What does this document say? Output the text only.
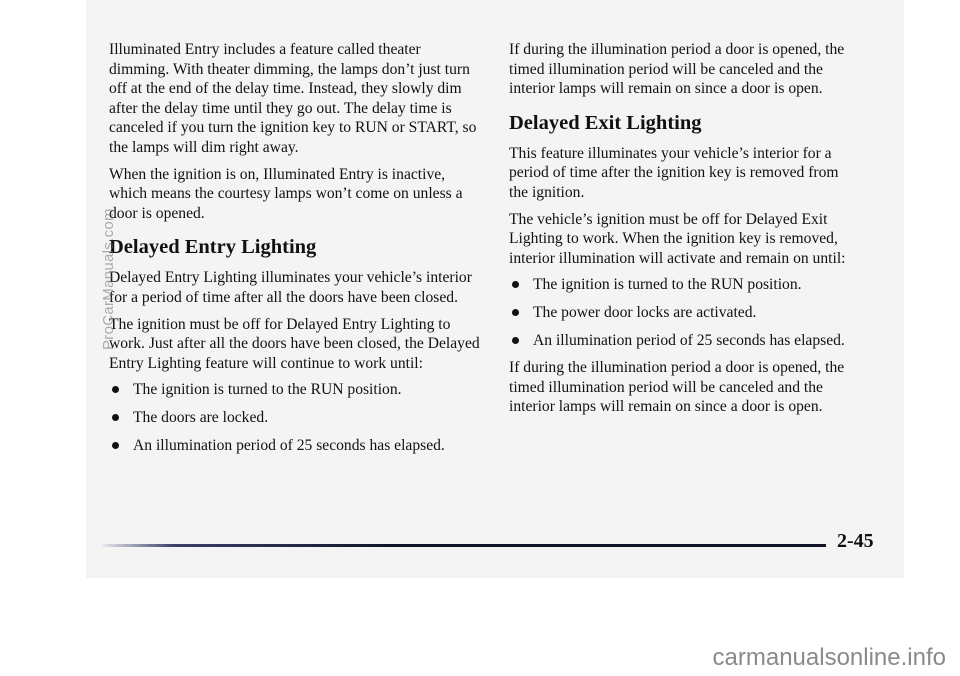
Illuminated Entry includes a feature called theater dimming. With theater dimming, the lamps don’t just turn off at the end of the delay time. Instead, they slowly dim after the delay time until they go out. The delay time is canceled if you turn the ignition key to RUN or START, so the lamps will dim right away.

When the ignition is on, Illuminated Entry is inactive, which means the courtesy lamps won’t come on unless a door is opened.

Delayed Entry Lighting

Delayed Entry Lighting illuminates your vehicle’s interior for a period of time after all the doors have been closed.

The ignition must be off for Delayed Entry Lighting to work. Just after all the doors have been closed, the Delayed Entry Lighting feature will continue to work until:

The ignition is turned to the RUN position.
The doors are locked.
An illumination period of 25 seconds has elapsed.

If during the illumination period a door is opened, the timed illumination period will be canceled and the interior lamps will remain on since a door is open.

Delayed Exit Lighting

This feature illuminates your vehicle’s interior for a period of time after the ignition key is removed from the ignition.

The vehicle’s ignition must be off for Delayed Exit Lighting to work. When the ignition key is removed, interior illumination will activate and remain on until:

The ignition is turned to the RUN position.
The power door locks are activated.
An illumination period of 25 seconds has elapsed.

If during the illumination period a door is opened, the timed illumination period will be canceled and the interior lamps will remain on since a door is open.

2-45
ProCarManuals.com
carmanualsonline.info
